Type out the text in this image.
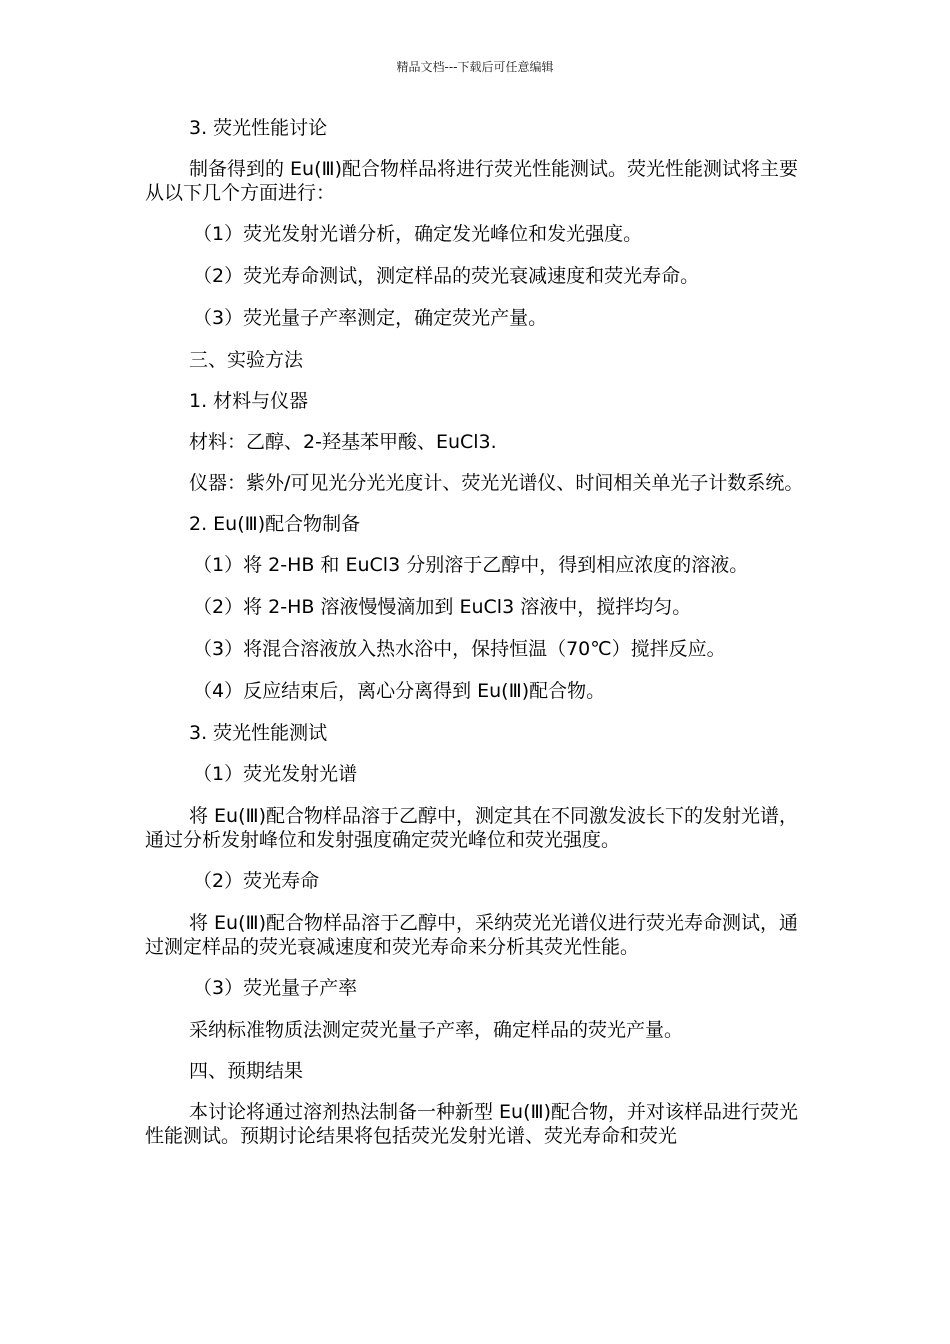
精品文档---下载后可任意编辑

3. 荧光性能讨论

制备得到的 Eu(Ⅲ)配合物样品将进行荧光性能测试。荧光性能测试将主要从以下几个方面进行：

（1）荧光发射光谱分析，确定发光峰位和发光强度。

（2）荧光寿命测试，测定样品的荧光衰减速度和荧光寿命。

（3）荧光量子产率测定，确定荧光产量。

三、实验方法

1. 材料与仪器

材料：乙醇、2-羟基苯甲酸、EuCl3.

仪器：紫外/可见光分光光度计、荧光光谱仪、时间相关单光子计数系统。

2. Eu(Ⅲ)配合物制备

（1）将 2-HB 和 EuCl3 分别溶于乙醇中，得到相应浓度的溶液。

（2）将 2-HB 溶液慢慢滴加到 EuCl3 溶液中，搅拌均匀。

（3）将混合溶液放入热水浴中，保持恒温（70℃）搅拌反应。

（4）反应结束后，离心分离得到 Eu(Ⅲ)配合物。

3. 荧光性能测试

（1）荧光发射光谱

将 Eu(Ⅲ)配合物样品溶于乙醇中，测定其在不同激发波长下的发射光谱，通过分析发射峰位和发射强度确定荧光峰位和荧光强度。

（2）荧光寿命

将 Eu(Ⅲ)配合物样品溶于乙醇中，采纳荧光光谱仪进行荧光寿命测试，通过测定样品的荧光衰减速度和荧光寿命来分析其荧光性能。

（3）荧光量子产率

采纳标准物质法测定荧光量子产率，确定样品的荧光产量。

四、预期结果

本讨论将通过溶剂热法制备一种新型 Eu(Ⅲ)配合物，并对该样品进行荧光性能测试。预期讨论结果将包括荧光发射光谱、荧光寿命和荧光
